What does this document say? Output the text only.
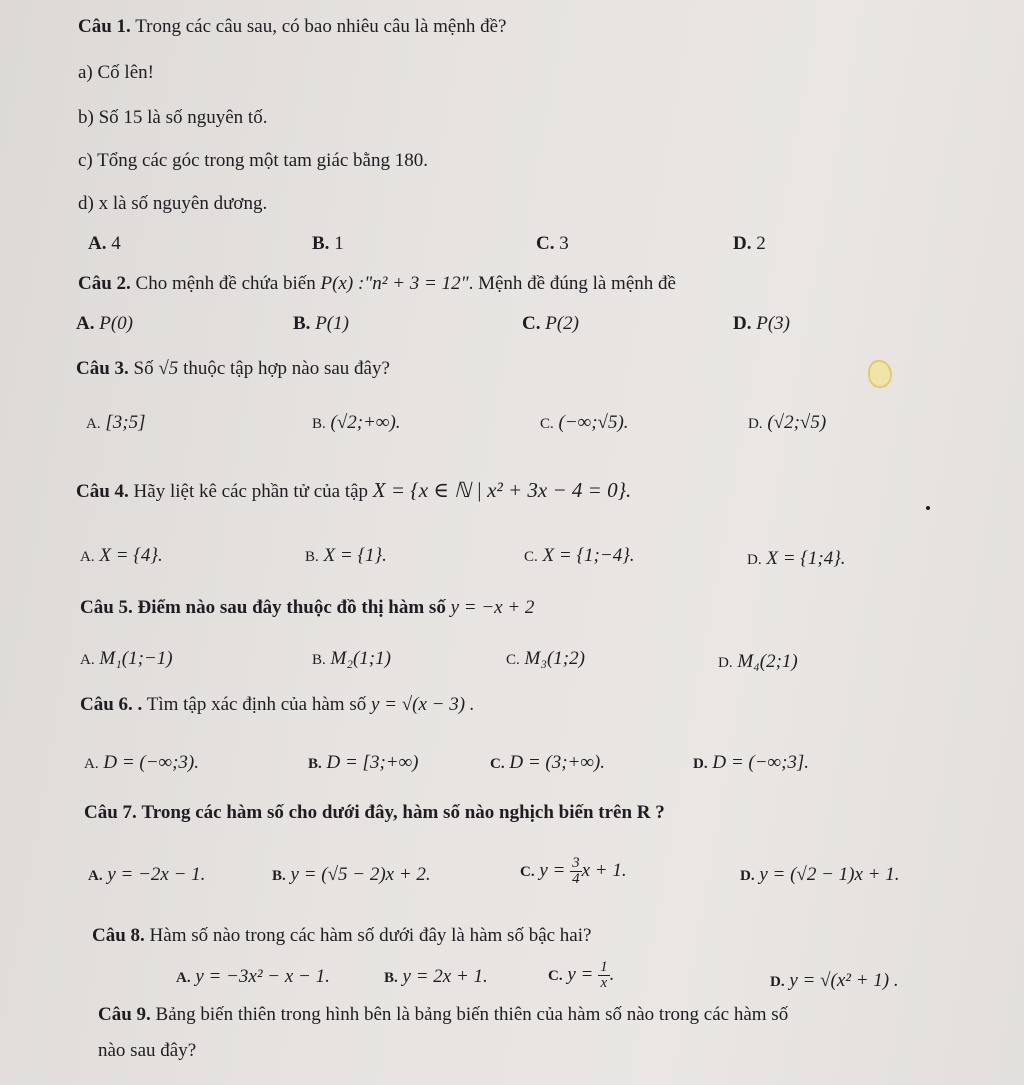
Câu 1. Trong các câu sau, có bao nhiêu câu là mệnh đề?
a) Cố lên!
b) Số 15 là số nguyên tố.
c) Tổng các góc trong một tam giác bằng 180.
d) x là số nguyên dương.
A. 4	B. 1	C. 3	D. 2
Câu 2. Cho mệnh đề chứa biến P(x) :"n² + 3 = 12". Mệnh đề đúng là mệnh đề
A. P(0)	B. P(1)	C. P(2)	D. P(3)
Câu 3. Số √5 thuộc tập hợp nào sau đây?
A. [3;5]	B. (√2;+∞).	C. (−∞;√5).	D. (√2;√5)
Câu 4. Hãy liệt kê các phần tử của tập X = {x ∈ ℕ | x² + 3x − 4 = 0}.
A. X = {4}.	B. X = {1}.	C. X = {1;−4}.	D. X = {1;4}.
Câu 5. Điểm nào sau đây thuộc đồ thị hàm số y = −x + 2
A. M₁(1;−1)	B. M₂(1;1)	C. M₃(1;2)	D. M₄(2;1)
Câu 6. . Tìm tập xác định của hàm số y = √(x − 3) .
A. D = (−∞;3).	B. D = [3;+∞)	C. D = (3;+∞).	D. D = (−∞;3].
Câu 7. Trong các hàm số cho dưới đây, hàm số nào nghịch biến trên R ?
A. y = −2x − 1.	B. y = (√5 − 2)x + 2.	C. $y = \frac{3}{4}$ x + 1.	D. y = (√2 − 1)x + 1.
Câu 8. Hàm số nào trong các hàm số dưới đây là hàm số bậc hai?
A. y = −3x² − x − 1.	B. y = 2x + 1.	C. $y = \frac{1}{x}$ .	D. y = √(x² + 1) .
Câu 9. Bảng biến thiên trong hình bên là bảng biến thiên của hàm số nào trong các hàm số
nào sau đây?
